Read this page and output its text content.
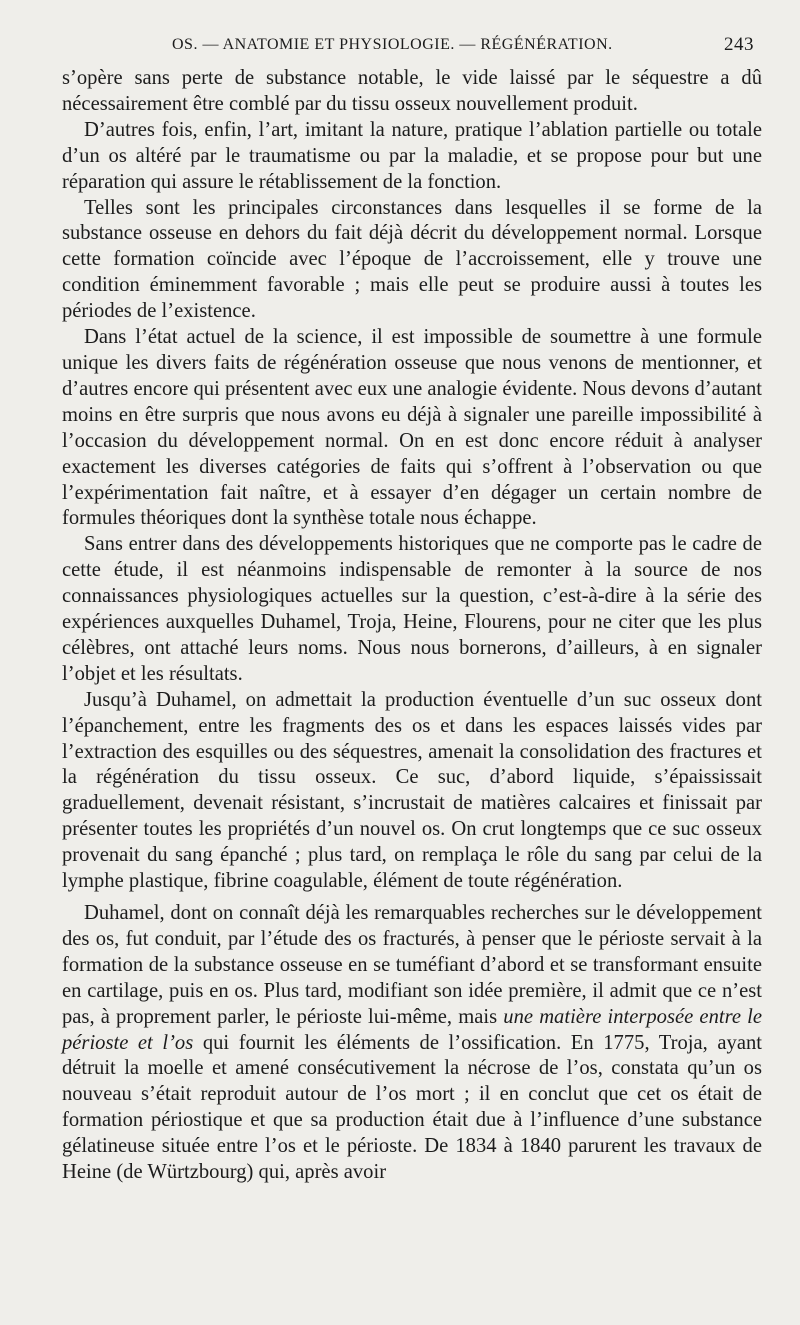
OS. — ANATOMIE ET PHYSIOLOGIE. — RÉGÉNÉRATION.	243

s’opère sans perte de substance notable, le vide laissé par le séquestre a dû nécessairement être comblé par du tissu osseux nouvellement produit.

D’autres fois, enfin, l’art, imitant la nature, pratique l’ablation partielle ou totale d’un os altéré par le traumatisme ou par la maladie, et se propose pour but une réparation qui assure le rétablissement de la fonction.

Telles sont les principales circonstances dans lesquelles il se forme de la substance osseuse en dehors du fait déjà décrit du développement normal. Lorsque cette formation coïncide avec l’époque de l’accroissement, elle y trouve une condition éminemment favorable ; mais elle peut se produire aussi à toutes les périodes de l’existence.

Dans l’état actuel de la science, il est impossible de soumettre à une formule unique les divers faits de régénération osseuse que nous venons de mentionner, et d’autres encore qui présentent avec eux une analogie évidente. Nous devons d’autant moins en être surpris que nous avons eu déjà à signaler une pareille impossibilité à l’occasion du développement normal. On en est donc encore réduit à analyser exactement les diverses catégories de faits qui s’offrent à l’observation ou que l’expérimentation fait naître, et à essayer d’en dégager un certain nombre de formules théoriques dont la synthèse totale nous échappe.

Sans entrer dans des développements historiques que ne comporte pas le cadre de cette étude, il est néanmoins indispensable de remonter à la source de nos connaissances physiologiques actuelles sur la question, c’est-à-dire à la série des expériences auxquelles Duhamel, Troja, Heine, Flourens, pour ne citer que les plus célèbres, ont attaché leurs noms. Nous nous bornerons, d’ailleurs, à en signaler l’objet et les résultats.

Jusqu’à Duhamel, on admettait la production éventuelle d’un suc osseux dont l’épanchement, entre les fragments des os et dans les espaces laissés vides par l’extraction des esquilles ou des séquestres, amenait la consolidation des fractures et la régénération du tissu osseux. Ce suc, d’abord liquide, s’épaississait graduellement, devenait résistant, s’incrustait de matières calcaires et finissait par présenter toutes les propriétés d’un nouvel os. On crut longtemps que ce suc osseux provenait du sang épanché ; plus tard, on remplaça le rôle du sang par celui de la lymphe plastique, fibrine coagulable, élément de toute régénération.

Duhamel, dont on connaît déjà les remarquables recherches sur le développement des os, fut conduit, par l’étude des os fracturés, à penser que le périoste servait à la formation de la substance osseuse en se tuméfiant d’abord et se transformant ensuite en cartilage, puis en os. Plus tard, modifiant son idée première, il admit que ce n’est pas, à proprement parler, le périoste lui-même, mais une matière interposée entre le périoste et l’os qui fournit les éléments de l’ossification. En 1775, Troja, ayant détruit la moelle et amené consécutivement la nécrose de l’os, constata qu’un os nouveau s’était reproduit autour de l’os mort ; il en conclut que cet os était de formation périostique et que sa production était due à l’influence d’une substance gélatineuse située entre l’os et le périoste. De 1834 à 1840 parurent les travaux de Heine (de Würtzbourg) qui, après avoir
